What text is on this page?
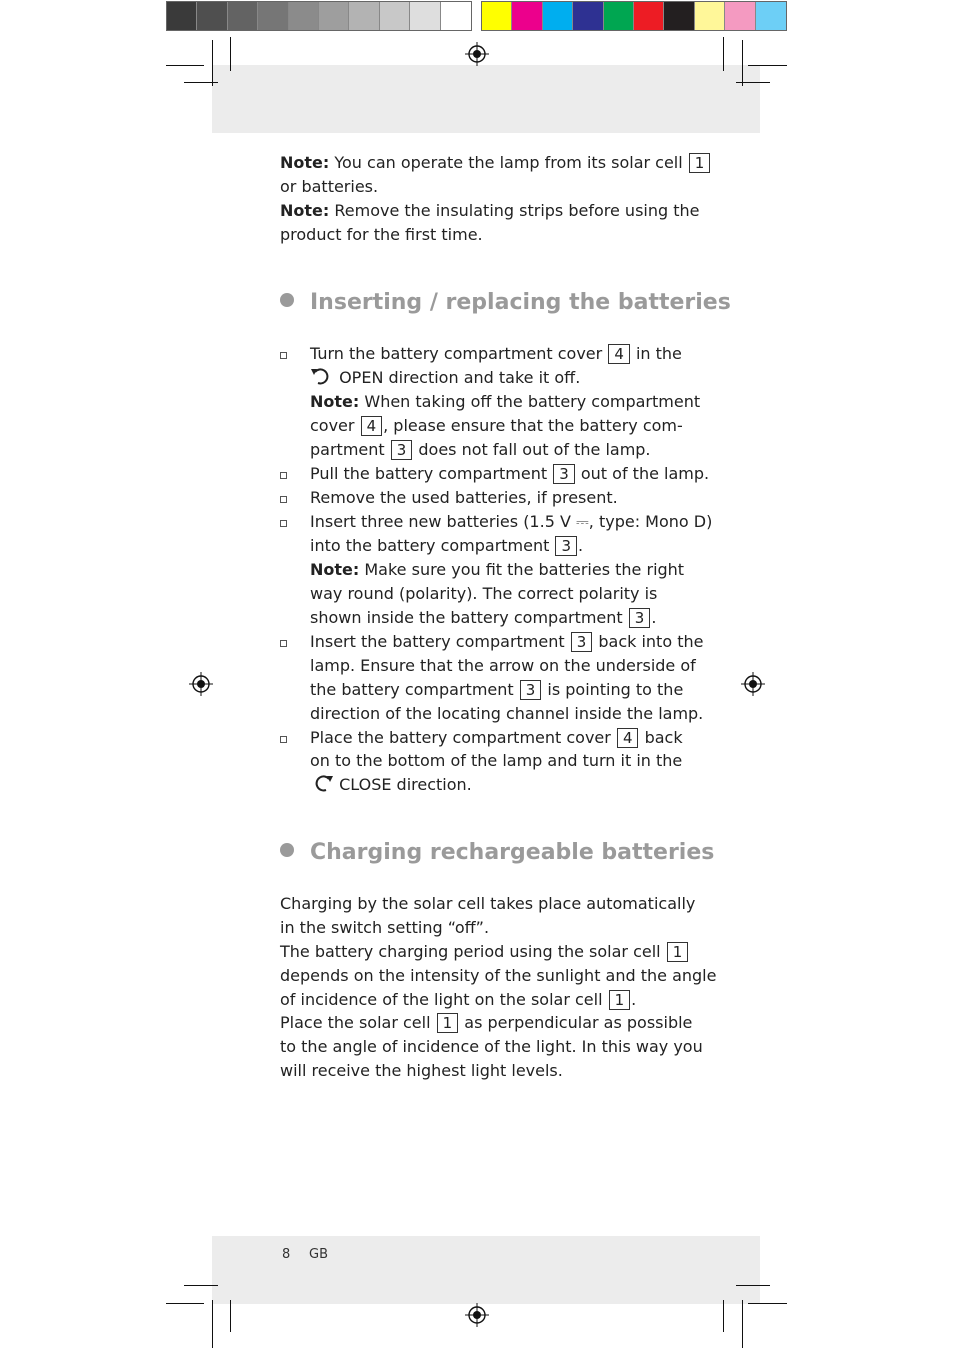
Note: You can operate the lamp from its solar cell 1
or batteries.
Note: Remove the insulating strips before using the
product for the first time.
Inserting / replacing the batteries
Turn the battery compartment cover 4 in the
OPEN direction and take it off.
Note: When taking off the battery compartment
cover 4 , please ensure that the battery com-
partment 3 does not fall out of the lamp.
Pull the battery compartment 3 out of the lamp.
Remove the used batteries, if present.
Insert three new batteries (1.5 V ⎓, type: Mono D)
into the battery compartment 3 .
Note: Make sure you fit the batteries the right
way round (polarity). The correct polarity is
shown inside the battery compartment 3 .
Insert the battery compartment 3 back into the
lamp. Ensure that the arrow on the underside of
the battery compartment 3 is pointing to the
direction of the locating channel inside the lamp.
Place the battery compartment cover 4 back
on to the bottom of the lamp and turn it in the
CLOSE direction.
Charging rechargeable batteries
Charging by the solar cell takes place automatically
in the switch setting “off”.
The battery charging period using the solar cell 1
depends on the intensity of the sunlight and the angle
of incidence of the light on the solar cell 1 .
Place the solar cell 1 as perpendicular as possible
to the angle of incidence of the light. In this way you
will receive the highest light levels.
8 GB
